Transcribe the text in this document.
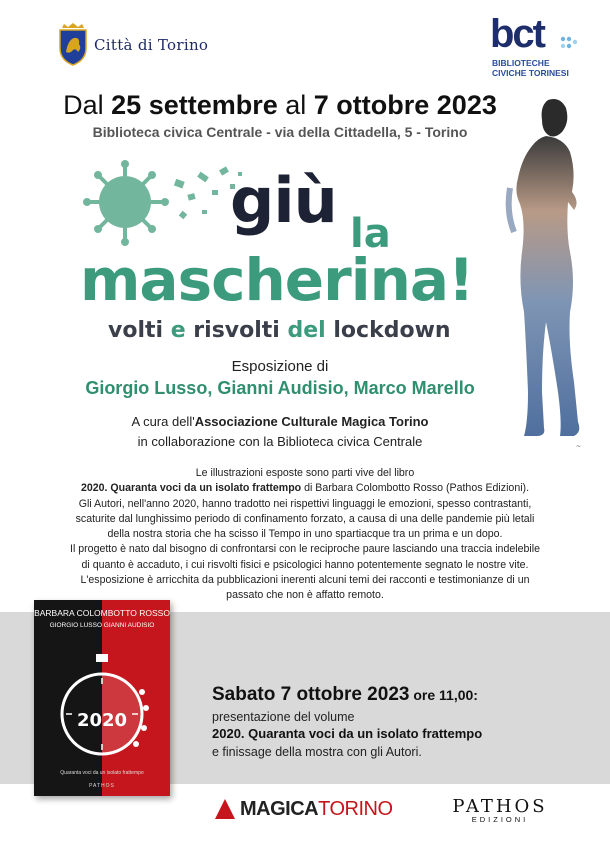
Città di Torino	bct
BIBLIOTECHE
CIVICHE TORINESI
Dal 25 settembre al 7 ottobre 2023
Biblioteca civica Centrale - via della Cittadella, 5 - Torino
giù la
mascherina!
volti e risvolti del lockdown
~
Esposizione di
Giorgio Lusso, Gianni Audisio, Marco Marello
A cura dell'Associazione Culturale Magica Torino
in collaborazione con la Biblioteca civica Centrale
Le illustrazioni esposte sono parti vive del libro
2020. Quaranta voci da un isolato frattempo di Barbara Colombotto Rosso (Pathos Edizioni).
Gli Autori, nell'anno 2020, hanno tradotto nei rispettivi linguaggi le emozioni, spesso contrastanti,
scaturite dal lunghissimo periodo di confinamento forzato, a causa di una delle pandemie più letali
della nostra storia che ha scisso il Tempo in uno spartiacque tra un prima e un dopo.
Il progetto è nato dal bisogno di confrontarsi con le reciproche paure lasciando una traccia indelebile
di quanto è accaduto, i cui risvolti fisici e psicologici hanno potentemente segnato le nostre vite.
L'esposizione è arricchita da pubblicazioni inerenti alcuni temi dei racconti e testimonianze di un
passato che non è affatto remoto.
BARBARA COLOMBOTTO ROSSO
GIORGIO LUSSO GIANNI AUDISIO
2020
Quaranta voci da un isolato frattempo
PATHOS
Sabato 7 ottobre 2023 ore 11,00:
presentazione del volume
2020. Quaranta voci da un isolato frattempo
e finissage della mostra con gli Autori.
MAGICATORINO	PATHOS
EDIZIONI
